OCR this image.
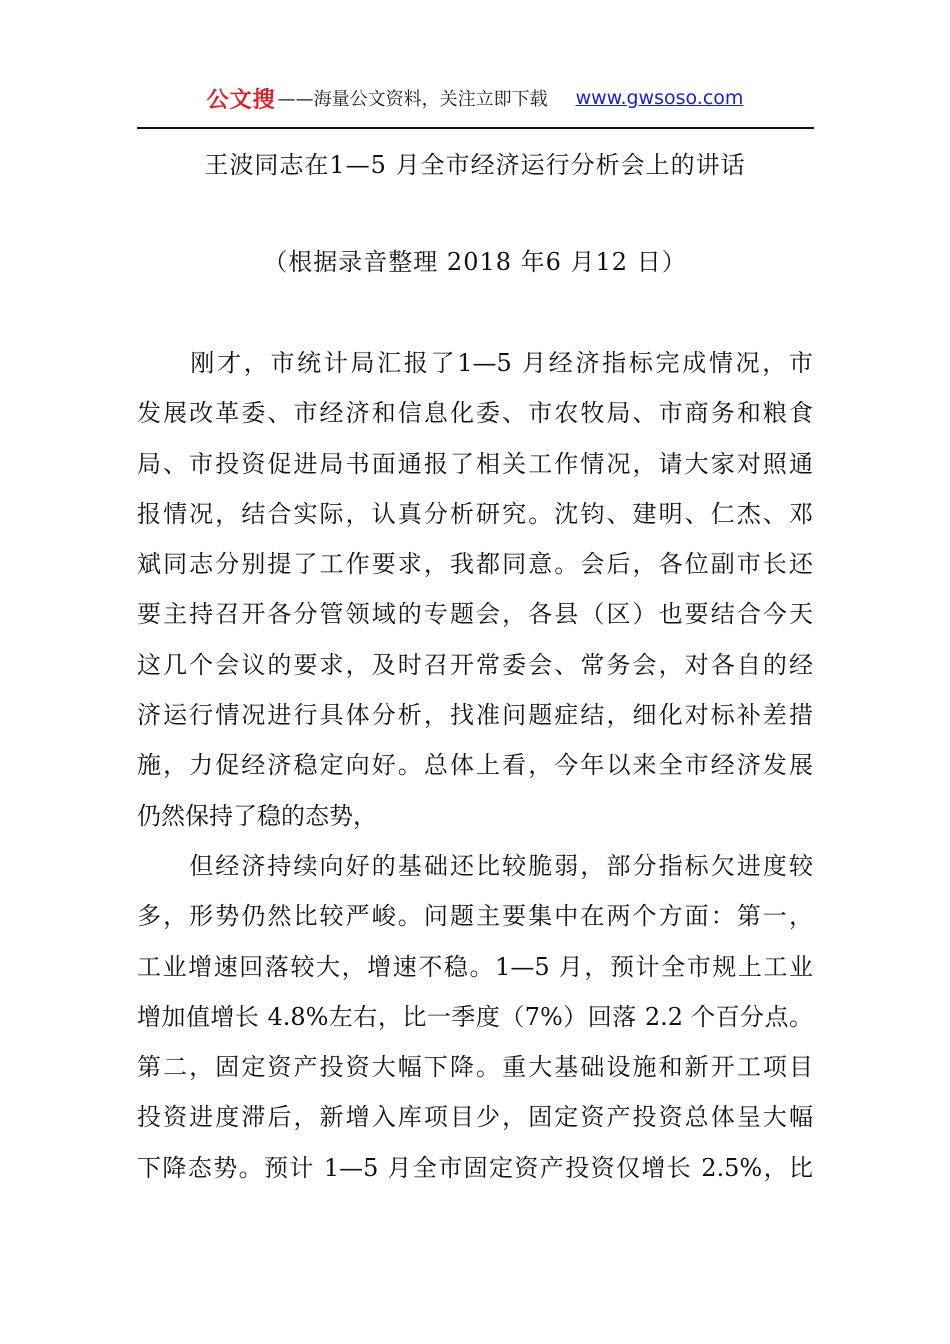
公文搜 ——海量公文资料，关注立即下载 www.gwsoso.com
王波同志在1—5 月全市经济运行分析会上的讲话
（根据录音整理 2018 年6 月12 日）
　　刚才，市统计局汇报了1—5 月经济指标完成情况，市
发展改革委、市经济和信息化委、市农牧局、市商务和粮食
局、市投资促进局书面通报了相关工作情况，请大家对照通
报情况，结合实际，认真分析研究。沈钧、建明、仁杰、邓
斌同志分别提了工作要求，我都同意。会后，各位副市长还
要主持召开各分管领域的专题会，各县（区）也要结合今天
这几个会议的要求，及时召开常委会、常务会，对各自的经
济运行情况进行具体分析，找准问题症结，细化对标补差措
施，力促经济稳定向好。总体上看，今年以来全市经济发展
仍然保持了稳的态势，
　　但经济持续向好的基础还比较脆弱，部分指标欠进度较
多，形势仍然比较严峻。问题主要集中在两个方面：第一，
工业增速回落较大，增速不稳。1—5 月，预计全市规上工业
增加值增长 4.8%左右，比一季度（7%）回落 2.2 个百分点。
第二，固定资产投资大幅下降。重大基础设施和新开工项目
投资进度滞后，新增入库项目少，固定资产投资总体呈大幅
下降态势。预计 1—5 月全市固定资产投资仅增长 2.5%，比
